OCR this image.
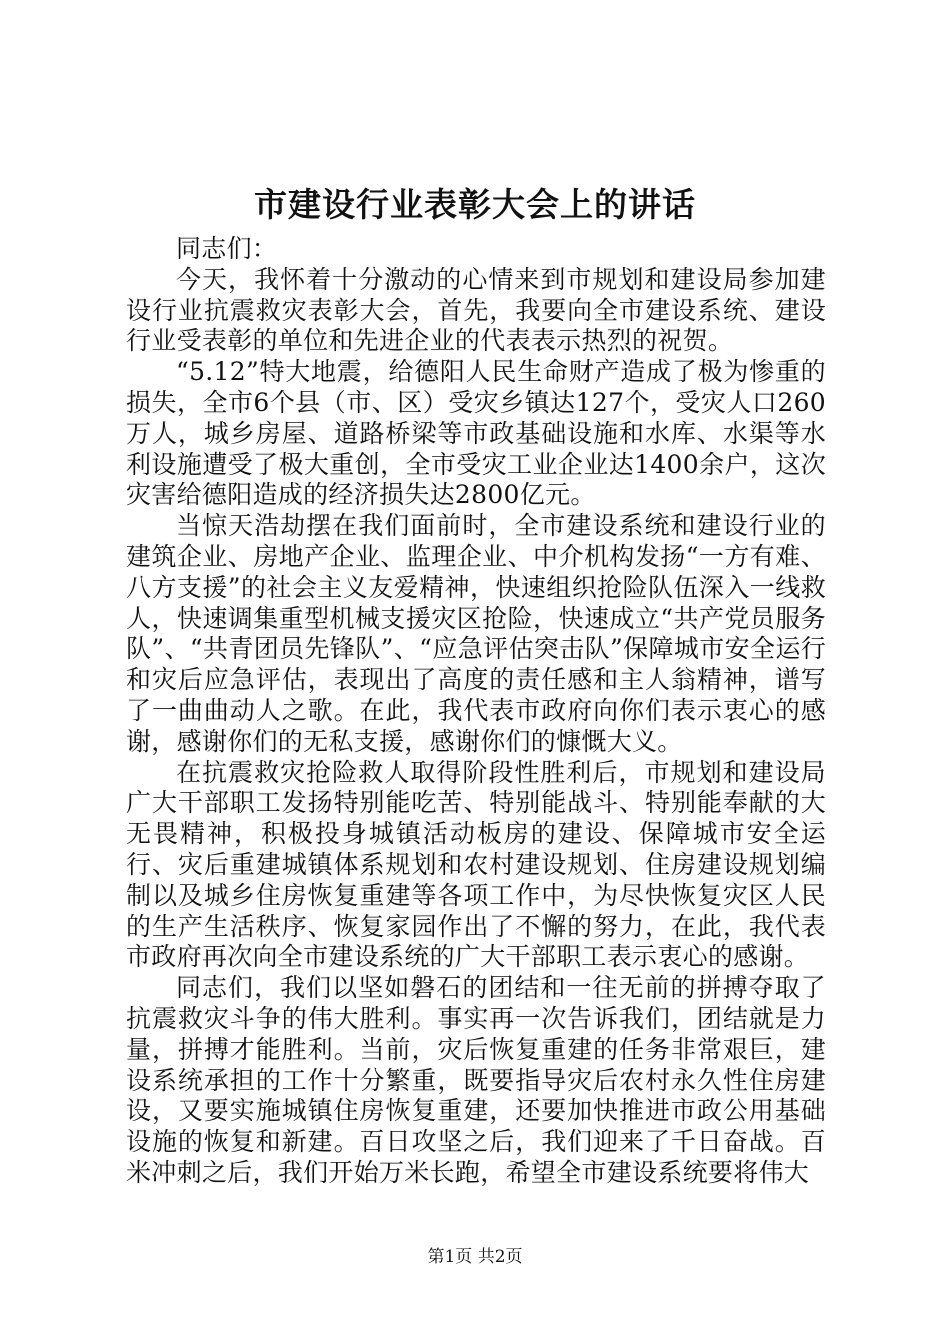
市建设行业表彰大会上的讲话

同志们：

今天，我怀着十分激动的心情来到市规划和建设局参加建设行业抗震救灾表彰大会，首先，我要向全市建设系统、建设行业受表彰的单位和先进企业的代表表示热烈的祝贺。

“5.12”特大地震，给德阳人民生命财产造成了极为惨重的损失，全市6个县（市、区）受灾乡镇达127个，受灾人口260万人，城乡房屋、道路桥梁等市政基础设施和水库、水渠等水利设施遭受了极大重创，全市受灾工业企业达1400余户，这次灾害给德阳造成的经济损失达2800亿元。

当惊天浩劫摆在我们面前时，全市建设系统和建设行业的建筑企业、房地产企业、监理企业、中介机构发扬“一方有难、八方支援”的社会主义友爱精神，快速组织抢险队伍深入一线救人，快速调集重型机械支援灾区抢险，快速成立“共产党员服务队”、“共青团员先锋队”、“应急评估突击队”保障城市安全运行和灾后应急评估，表现出了高度的责任感和主人翁精神，谱写了一曲曲动人之歌。在此，我代表市政府向你们表示衷心的感谢，感谢你们的无私支援，感谢你们的慷慨大义。

在抗震救灾抢险救人取得阶段性胜利后，市规划和建设局广大干部职工发扬特别能吃苦、特别能战斗、特别能奉献的大无畏精神，积极投身城镇活动板房的建设、保障城市安全运行、灾后重建城镇体系规划和农村建设规划、住房建设规划编制以及城乡住房恢复重建等各项工作中，为尽快恢复灾区人民的生产生活秩序、恢复家园作出了不懈的努力，在此，我代表市政府再次向全市建设系统的广大干部职工表示衷心的感谢。

同志们，我们以坚如磐石的团结和一往无前的拼搏夺取了抗震救灾斗争的伟大胜利。事实再一次告诉我们，团结就是力量，拼搏才能胜利。当前，灾后恢复重建的任务非常艰巨，建设系统承担的工作十分繁重，既要指导灾后农村永久性住房建设，又要实施城镇住房恢复重建，还要加快推进市政公用基础设施的恢复和新建。百日攻坚之后，我们迎来了千日奋战。百米冲刺之后，我们开始万米长跑，希望全市建设系统要将伟大

第1页 共2页
